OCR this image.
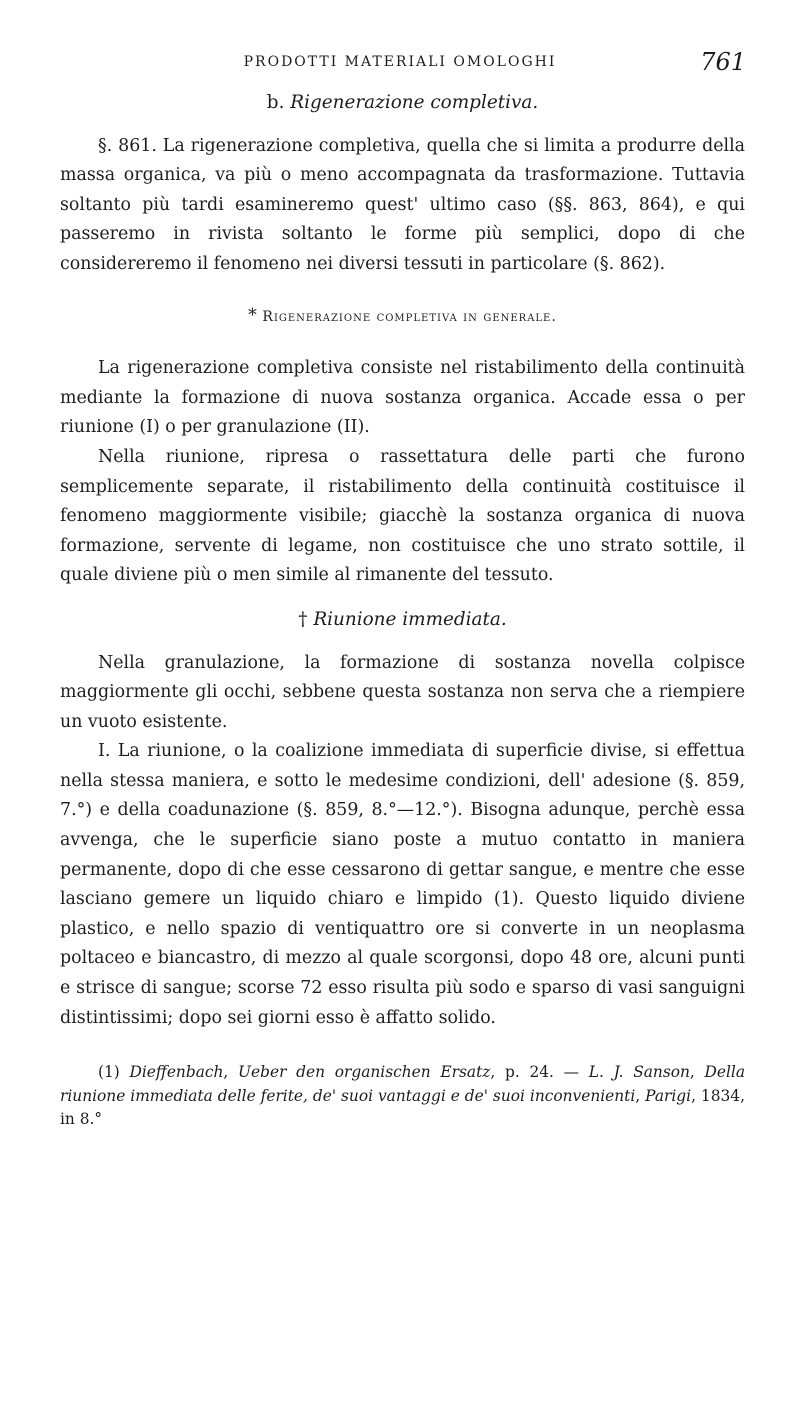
PRODOTTI MATERIALI OMOLOGHI	761

b. Rigenerazione completiva.

§. 861. La rigenerazione completiva, quella che si limita a produrre della massa organica, va più o meno accompagnata da trasformazione. Tuttavia soltanto più tardi esamineremo quest' ultimo caso (§§. 863, 864), e qui passeremo in rivista soltanto le forme più semplici, dopo di che considereremo il fenomeno nei diversi tessuti in particolare (§. 862).

* Rigenerazione completiva in generale.

La rigenerazione completiva consiste nel ristabilimento della continuità mediante la formazione di nuova sostanza organica. Accade essa o per riunione (I) o per granulazione (II).

Nella riunione, ripresa o rassettatura delle parti che furono semplicemente separate, il ristabilimento della continuità costituisce il fenomeno maggiormente visibile; giacchè la sostanza organica di nuova formazione, servente di legame, non costituisce che uno strato sottile, il quale diviene più o men simile al rimanente del tessuto.

† Riunione immediata.

Nella granulazione, la formazione di sostanza novella colpisce maggiormente gli occhi, sebbene questa sostanza non serva che a riempiere un vuoto esistente.

I. La riunione, o la coalizione immediata di superficie divise, si effettua nella stessa maniera, e sotto le medesime condizioni, dell' adesione (§. 859, 7.°) e della coadunazione (§. 859, 8.°—12.°). Bisogna adunque, perchè essa avvenga, che le superficie siano poste a mutuo contatto in maniera permanente, dopo di che esse cessarono di gettar sangue, e mentre che esse lasciano gemere un liquido chiaro e limpido (1). Questo liquido diviene plastico, e nello spazio di ventiquattro ore si converte in un neoplasma poltaceo e biancastro, di mezzo al quale scorgonsi, dopo 48 ore, alcuni punti e strisce di sangue; scorse 72 esso risulta più sodo e sparso di vasi sanguigni distintissimi; dopo sei giorni esso è affatto solido.

(1) Dieffenbach, Ueber den organischen Ersatz, p. 24. — L. J. Sanson, Della riunione immediata delle ferite, de' suoi vantaggi e de' suoi inconvenienti, Parigi, 1834, in 8.°
